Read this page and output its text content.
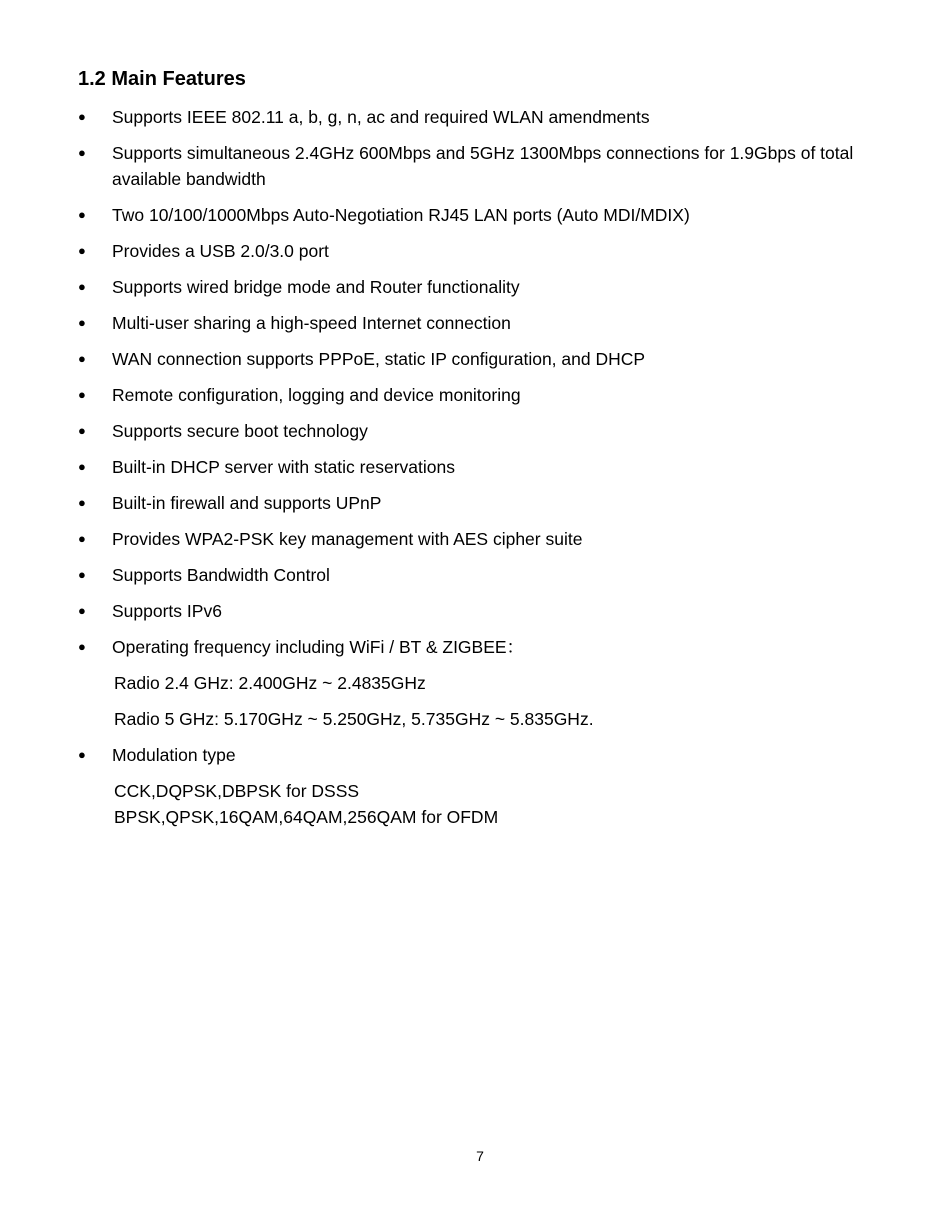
1.2 Main Features
●	Supports IEEE 802.11 a, b, g, n, ac and required WLAN amendments
●	Supports simultaneous 2.4GHz 600Mbps and 5GHz 1300Mbps connections for 1.9Gbps of total available bandwidth
●	Two 10/100/1000Mbps Auto-Negotiation RJ45 LAN ports (Auto MDI/MDIX)
●	Provides a USB 2.0/3.0 port
●	Supports wired bridge mode and Router functionality
●	Multi-user sharing a high-speed Internet connection
●	WAN connection supports PPPoE, static IP configuration, and DHCP
●	Remote configuration, logging and device monitoring
●	Supports secure boot technology
●	Built-in DHCP server with static reservations
●	Built-in firewall and supports UPnP
●	Provides WPA2-PSK key management with AES cipher suite
●	Supports Bandwidth Control
●	Supports IPv6
●	Operating frequency including WiFi / BT & ZIGBEE：
Radio 2.4 GHz: 2.400GHz ~ 2.4835GHz
Radio 5 GHz: 5.170GHz ~ 5.250GHz, 5.735GHz ~ 5.835GHz.
●	Modulation type
CCK,DQPSK,DBPSK for DSSS
BPSK,QPSK,16QAM,64QAM,256QAM for OFDM
7
